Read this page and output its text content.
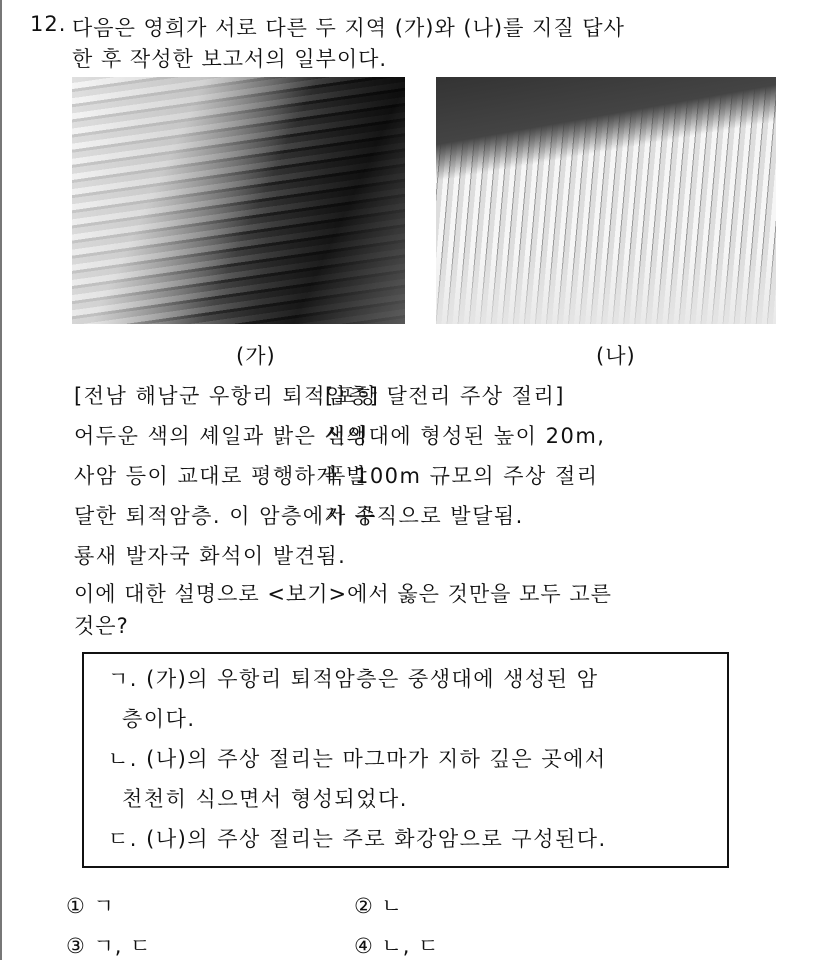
12. 다음은 영희가 서로 다른 두 지역 (가)와 (나)를 지질 답사
한 후 작성한 보고서의 일부이다.
(가)	(나)
[전남 해남군 우항리 퇴적암층]
어두운 색의 셰일과 밝은 색의
사암 등이 교대로 평행하게 발
달한 퇴적암층. 이 암층에서 공
룡새 발자국 화석이 발견됨.
[포항 달전리 주상 절리]
신생대에 형성된 높이 20m,
폭 100m 규모의 주상 절리
가 수직으로 발달됨.
이에 대한 설명으로 <보기>에서 옳은 것만을 모두 고른
것은?
ㄱ. (가)의 우항리 퇴적암층은 중생대에 생성된 암
층이다.
ㄴ. (나)의 주상 절리는 마그마가 지하 깊은 곳에서
천천히 식으면서 형성되었다.
ㄷ. (나)의 주상 절리는 주로 화강암으로 구성된다.
① ㄱ	② ㄴ
③ ㄱ, ㄷ	④ ㄴ, ㄷ
